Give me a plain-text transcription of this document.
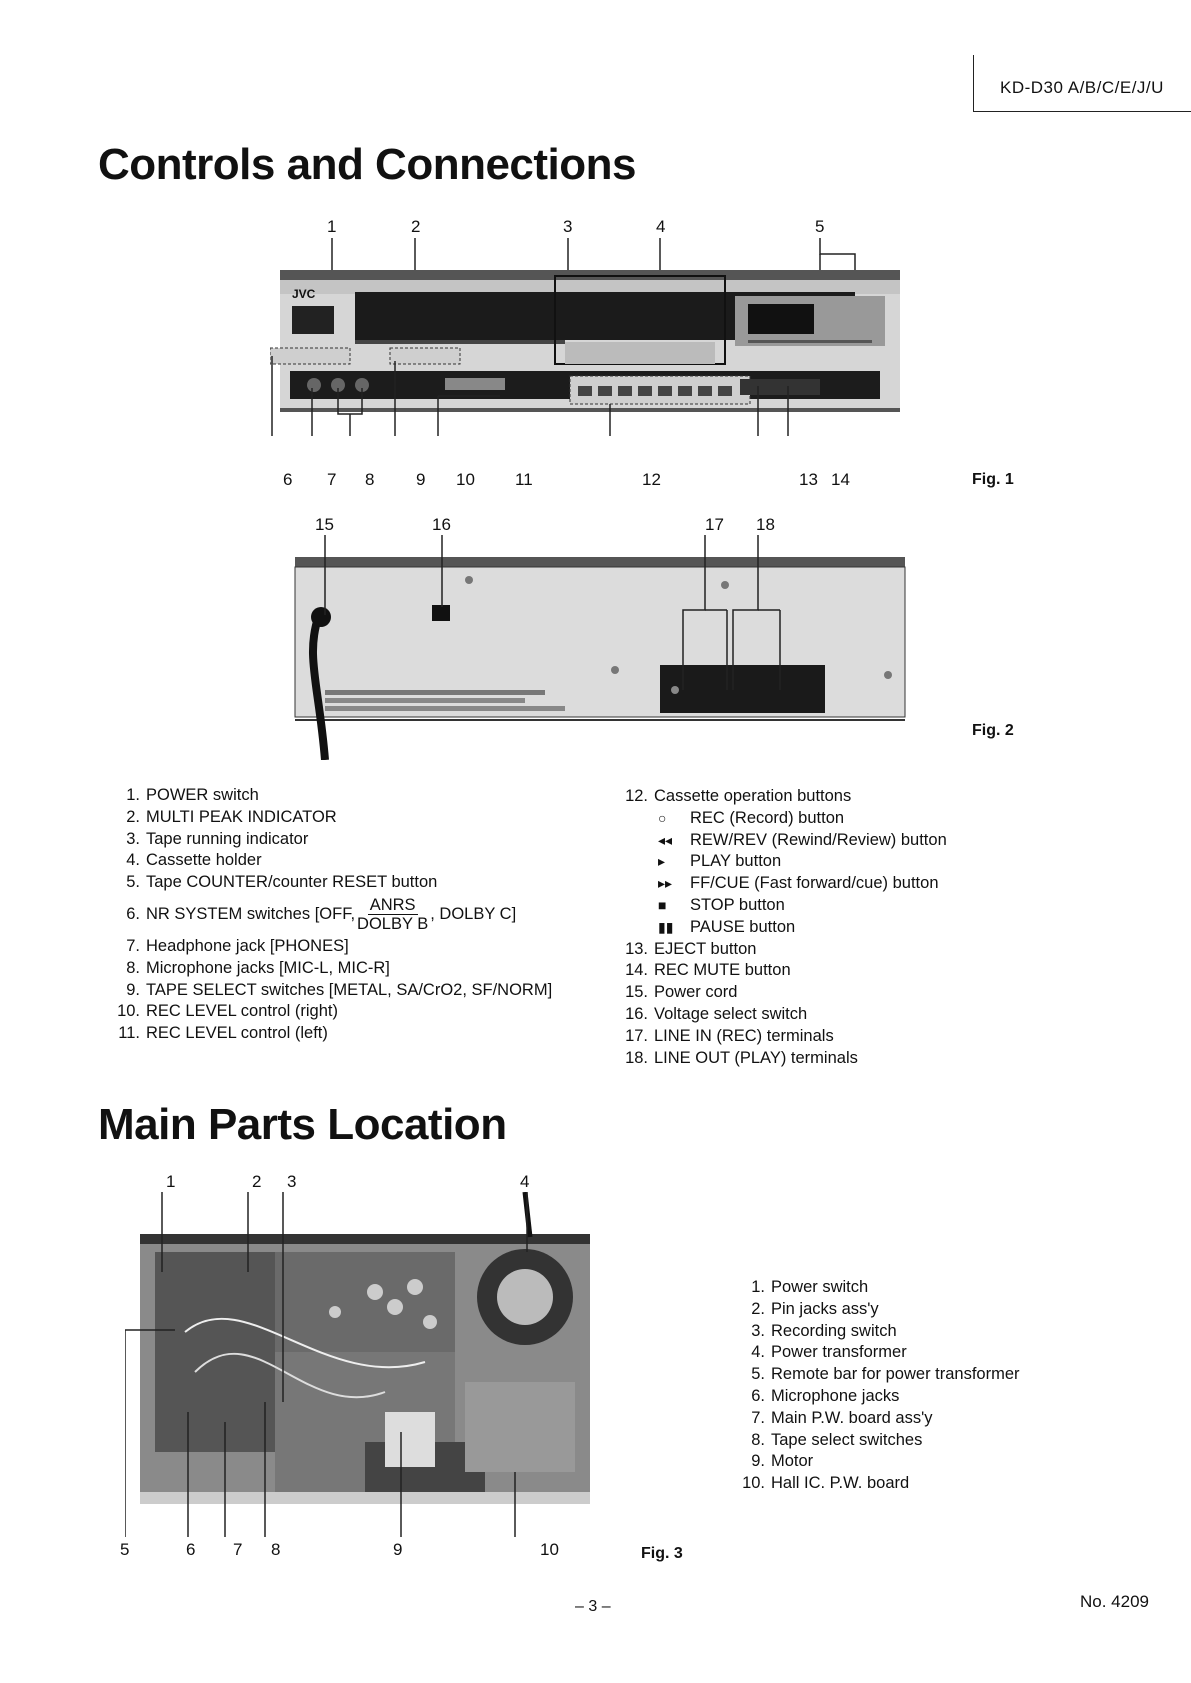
KD-D30 A/B/C/E/J/U
Controls and Connections
1	2	3	4	5
JVC
6 7 8 9 10 11	12	13 14	Fig. 1
15	16	17 18
Fig. 2
1. POWER switch
2. MULTI PEAK INDICATOR
3. Tape running indicator
4. Cassette holder
5. Tape COUNTER/counter RESET button
6. NR SYSTEM switches [OFF, $\frac{\text{ANRS}}{\text{DOLBY B}}$ , DOLBY C]
7. Headphone jack [PHONES]
8. Microphone jacks [MIC-L, MIC-R]
9. TAPE SELECT switches [METAL, SA/CrO2, SF/NORM]
10. REC LEVEL control (right)
11. REC LEVEL control (left)
12. Cassette operation buttons
○	REC (Record) button
◂◂	REW/REV (Rewind/Review) button
▸	PLAY button
▸▸	FF/CUE (Fast forward/cue) button
■	STOP button
▮▮	PAUSE button
13. EJECT button
14. REC MUTE button
15. Power cord
16. Voltage select switch
17. LINE IN (REC) terminals
18. LINE OUT (PLAY) terminals
Main Parts Location
1	2 3	4
5	6 7 8	9	10	Fig. 3
1. Power switch
2. Pin jacks ass'y
3. Recording switch
4. Power transformer
5. Remote bar for power transformer
6. Microphone jacks
7. Main P.W. board ass'y
8. Tape select switches
9. Motor
10. Hall IC. P.W. board
– 3 –	No. 4209
